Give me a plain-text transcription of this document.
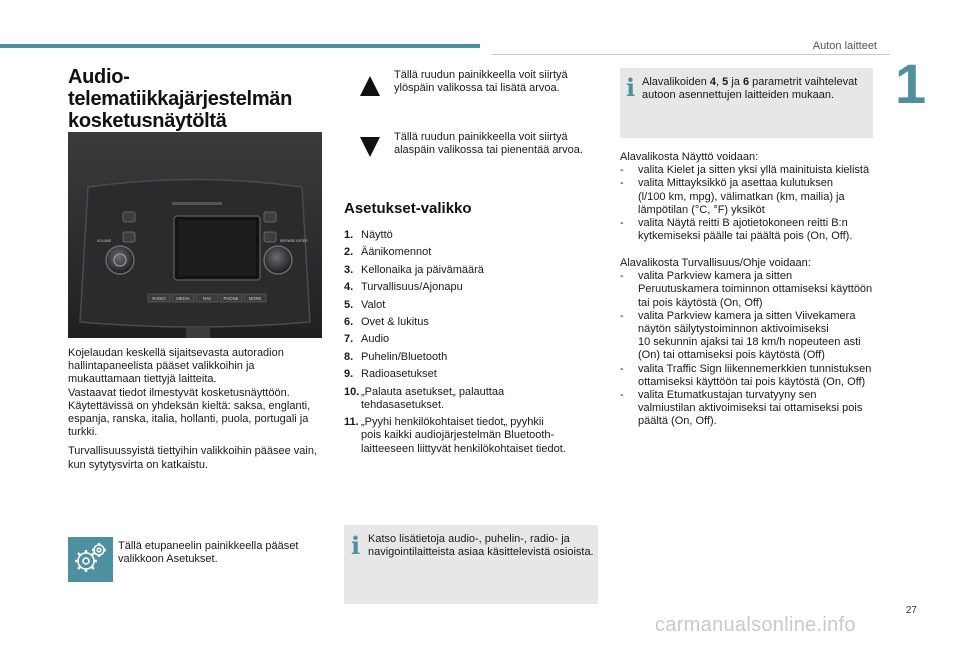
Auton laitteet
1
Audio-telematiikkajärjestelmän kosketusnäytöltä
RADIO	MEDIA	NAV	PHONE MORE
VOLUME	BROWSE ENTER
Kojelaudan keskellä sijaitsevasta autoradion
hallintapaneelista pääset valikkoihin ja
mukauttamaan tiettyjä laitteita.
Vastaavat tiedot ilmestyvät kosketusnäyttöön.
Käytettävissä on yhdeksän kieltä: saksa, englanti,
espanja, ranska, italia, hollanti, puola, portugali ja
turkki.
Turvallisuussyistä tiettyihin valikkoihin pääsee vain,
kun sytytysvirta on katkaistu.
Tällä etupaneelin painikkeella pääset
valikkoon Asetukset.
Tällä ruudun painikkeella voit siirtyä
ylöspäin valikossa tai lisätä arvoa.
Tällä ruudun painikkeella voit siirtyä
alaspäin valikossa tai pienentää arvoa.
Asetukset-valikko
1. Näyttö
2. Äänikomennot
3. Kellonaika ja päivämäärä
4. Turvallisuus/Ajonapu
5. Valot
6. Ovet & lukitus
7. Audio
8. Puhelin/Bluetooth
9. Radioasetukset
10. „Palauta asetukset„ palauttaa
tehdasasetukset.
11. „Pyyhi henkilökohtaiset tiedot„ pyyhkii
pois kaikki audiojärjestelmän Bluetooth-
laitteeseen liittyvät henkilökohtaiset tiedot.
i Katso lisätietoja audio-, puhelin-, radio- ja
navigointilaitteista asiaa käsittelevistä osioista.
i Alavalikoiden 4, 5 ja 6 parametrit vaihtelevat
autoon asennettujen laitteiden mukaan.
Alavalikosta Näyttö voidaan:
-	valita Kielet ja sitten yksi yllä mainituista kielistä
-	valita Mittayksikkö ja asettaa kulutuksen
(l/100 km, mpg), välimatkan (km, mailia) ja
lämpötilan (°C, °F) yksiköt
-	valita Näytä reitti B ajotietokoneen reitti B:n
kytkemiseksi päälle tai päältä pois (On, Off).
Alavalikosta Turvallisuus/Ohje voidaan:
-	valita Parkview kamera ja sitten
Peruutuskamera toiminnon ottamiseksi käyttöön
tai pois käytöstä (On, Off)
-	valita Parkview kamera ja sitten Viivekamera
näytön säilytystoiminnon aktivoimiseksi
10 sekunnin ajaksi tai 18 km/h nopeuteen asti
(On) tai ottamiseksi pois käytöstä (Off)
-	valita Traffic Sign liikennemerkkien tunnistuksen
ottamiseksi käyttöön tai pois käytöstä (On, Off)
-	valita Etumatkustajan turvatyyny sen
valmiustilan aktivoimiseksi tai ottamiseksi pois
päältä (On, Off).
27
carmanualsonline.info
